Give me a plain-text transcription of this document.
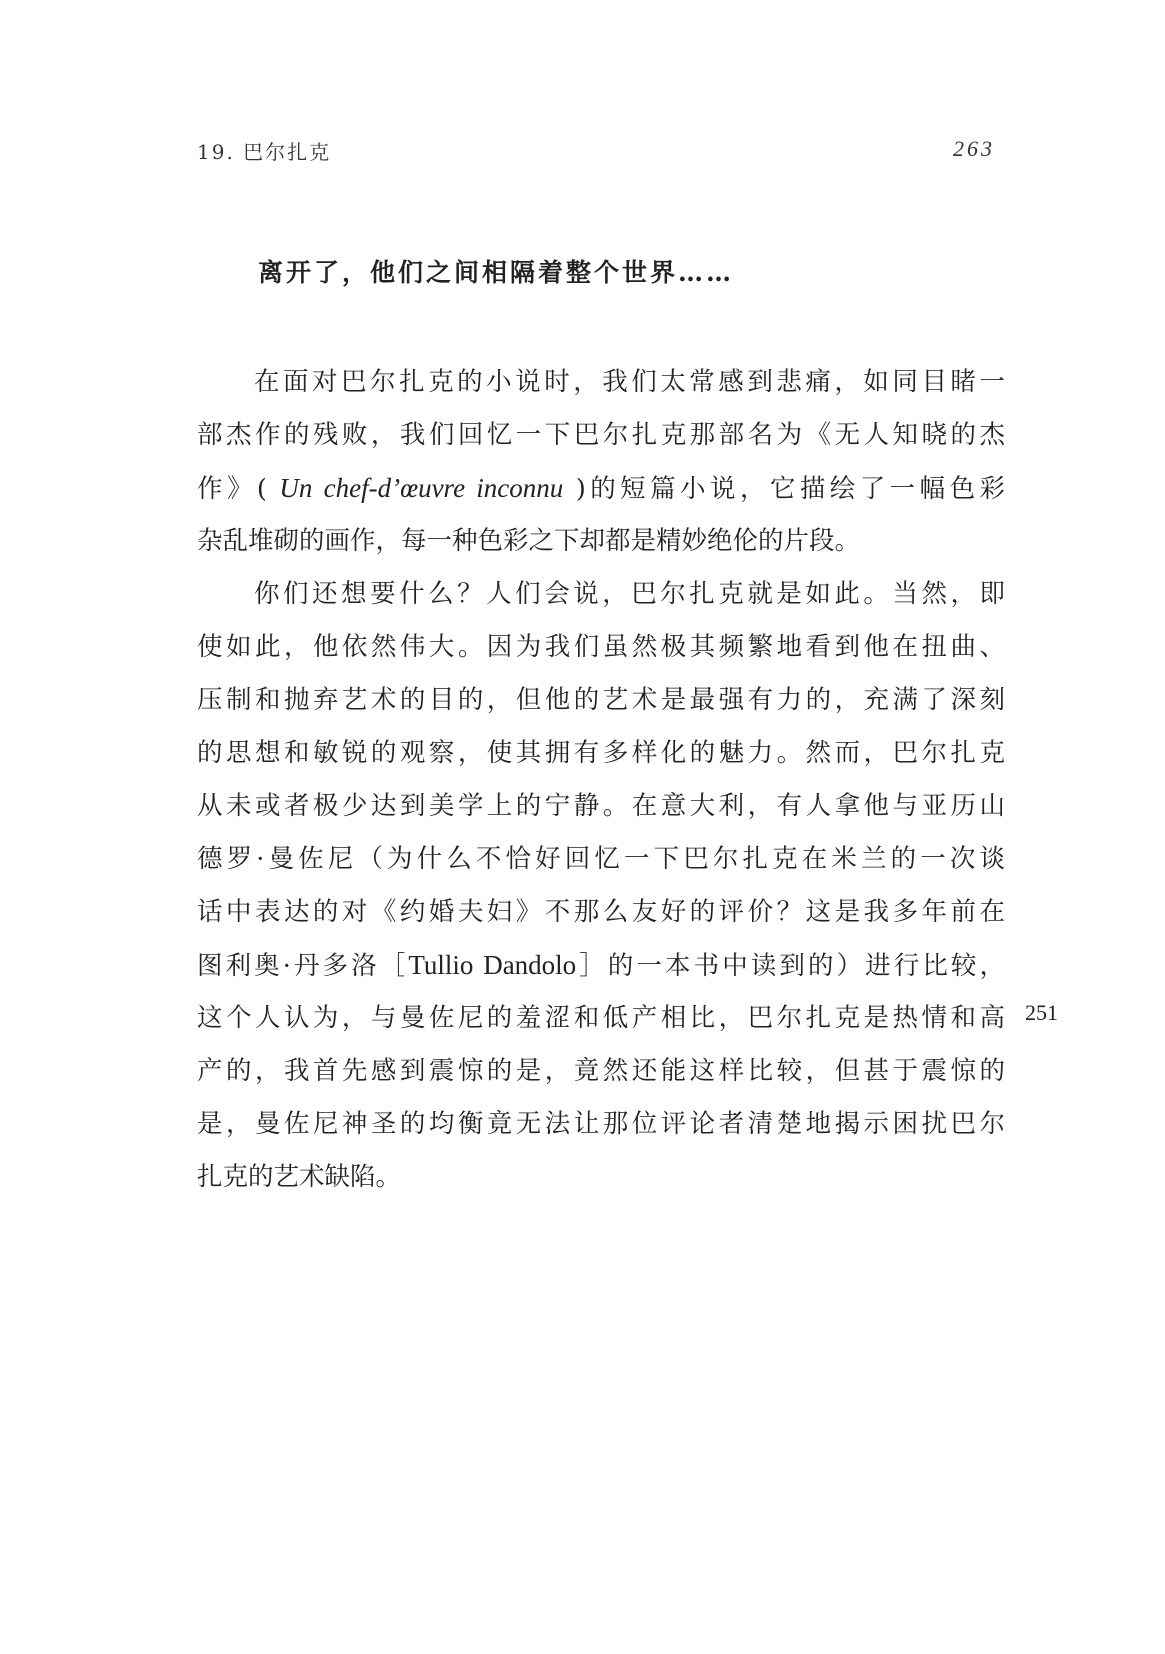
19. 巴尔扎克	263
离开了，他们之间相隔着整个世界……
在面对巴尔扎克的小说时，我们太常感到悲痛，如同目睹一
部杰作的残败，我们回忆一下巴尔扎克那部名为《无人知晓的杰
作》( Un chef-d’œuvre inconnu )的短篇小说，它描绘了一幅色彩
杂乱堆砌的画作，每一种色彩之下却都是精妙绝伦的片段。
你们还想要什么？人们会说，巴尔扎克就是如此。当然，即
使如此，他依然伟大。因为我们虽然极其频繁地看到他在扭曲、
压制和抛弃艺术的目的，但他的艺术是最强有力的，充满了深刻
的思想和敏锐的观察，使其拥有多样化的魅力。然而，巴尔扎克
从未或者极少达到美学上的宁静。在意大利，有人拿他与亚历山
德罗·曼佐尼（为什么不恰好回忆一下巴尔扎克在米兰的一次谈
话中表达的对《约婚夫妇》不那么友好的评价？这是我多年前在
图利奥·丹多洛［Tullio Dandolo］的一本书中读到的）进行比较，
这个人认为，与曼佐尼的羞涩和低产相比，巴尔扎克是热情和高
产的，我首先感到震惊的是，竟然还能这样比较，但甚于震惊的
是，曼佐尼神圣的均衡竟无法让那位评论者清楚地揭示困扰巴尔
扎克的艺术缺陷。
251
